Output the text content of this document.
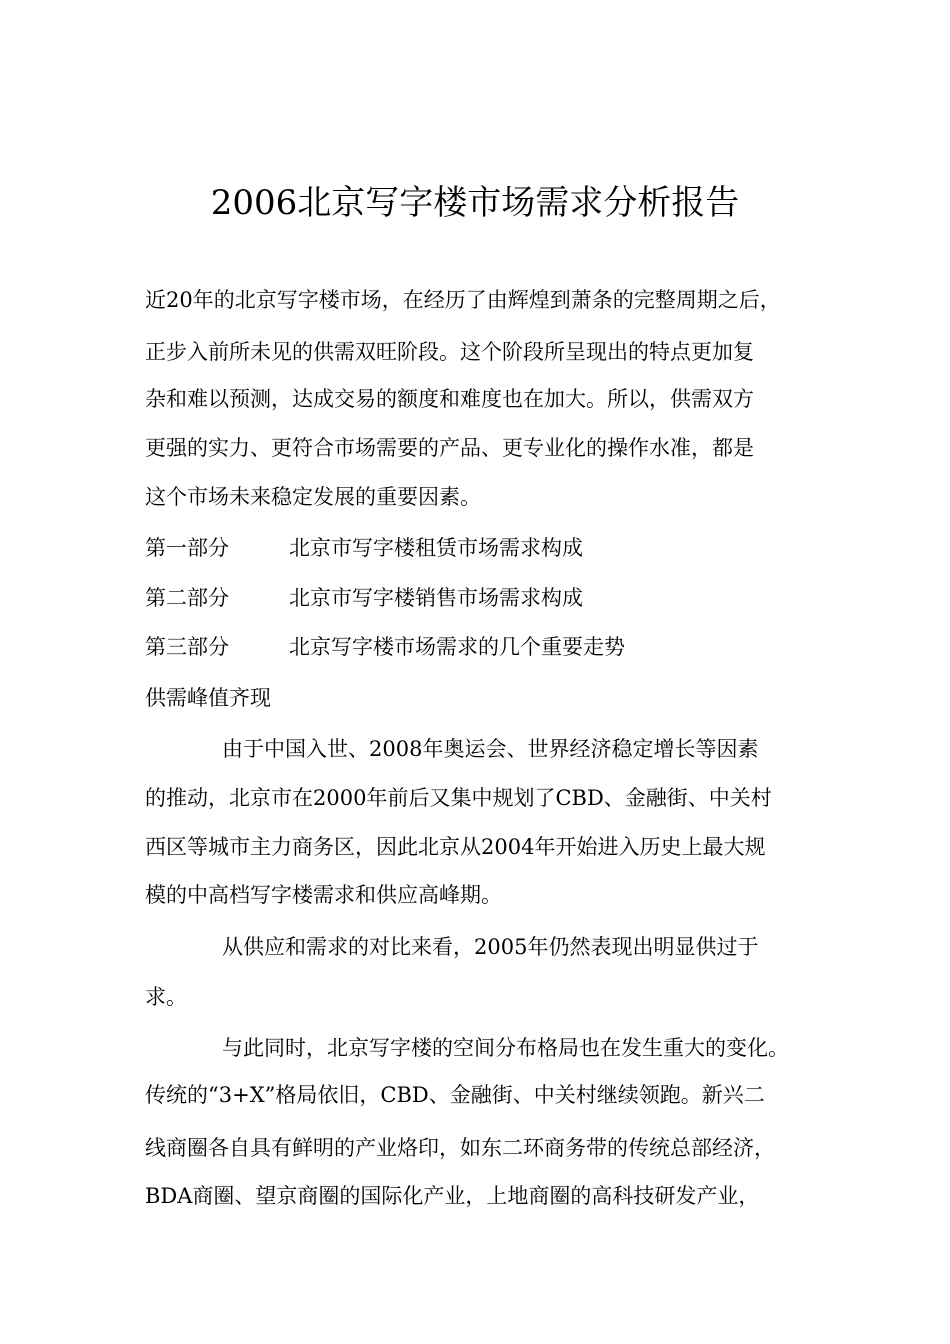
2006北京写字楼市场需求分析报告

近20年的北京写字楼市场，在经历了由辉煌到萧条的完整周期之后，

正步入前所未见的供需双旺阶段。这个阶段所呈现出的特点更加复

杂和难以预测，达成交易的额度和难度也在加大。所以，供需双方

更强的实力、更符合市场需要的产品、更专业化的操作水准，都是

这个市场未来稳定发展的重要因素。

第一部分	北京市写字楼租赁市场需求构成
第二部分	北京市写字楼销售市场需求构成
第三部分	北京写字楼市场需求的几个重要走势

供需峰值齐现

由于中国入世、2008年奥运会、世界经济稳定增长等因素

的推动，北京市在2000年前后又集中规划了CBD、金融街、中关村

西区等城市主力商务区，因此北京从2004年开始进入历史上最大规

模的中高档写字楼需求和供应高峰期。

从供应和需求的对比来看，2005年仍然表现出明显供过于

求。

与此同时，北京写字楼的空间分布格局也在发生重大的变化。

传统的“3+X”格局依旧，CBD、金融街、中关村继续领跑。新兴二

线商圈各自具有鲜明的产业烙印，如东二环商务带的传统总部经济，

BDA商圈、望京商圈的国际化产业，上地商圈的高科技研发产业，
